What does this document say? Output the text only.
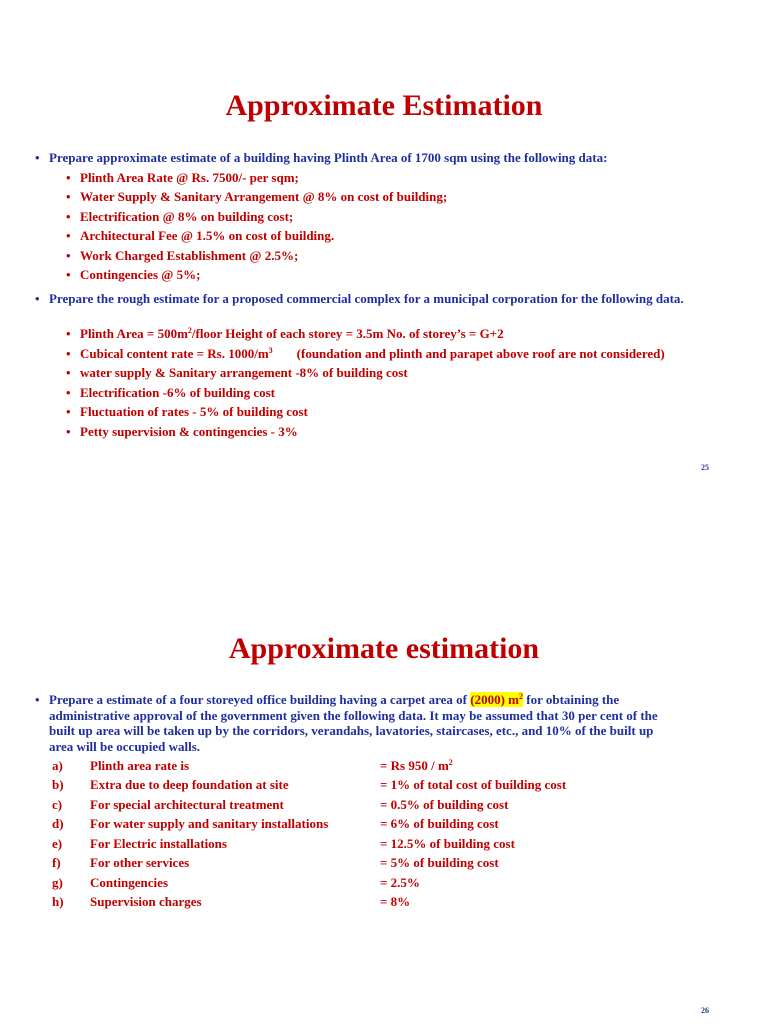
Approximate Estimation
• Prepare approximate estimate of a building having Plinth Area of 1700 sqm using the following data:
• Plinth Area Rate @ Rs. 7500/- per sqm;
• Water Supply & Sanitary Arrangement @ 8% on cost of building;
• Electrification @ 8% on building cost;
• Architectural Fee @ 1.5% on cost of building.
• Work Charged Establishment @ 2.5%;
• Contingencies @ 5%;
• Prepare the rough estimate for a proposed commercial complex for a municipal corporation for the following data.
• Plinth Area = $500m^2$/floor Height of each storey = 3.5m No. of storey’s = G+2
• Cubical content rate = Rs. $1000/m^3$ (foundation and plinth and parapet above roof are not considered)
• water supply & Sanitary arrangement -8% of building cost
• Electrification -6% of building cost
• Fluctuation of rates - 5% of building cost
• Petty supervision & contingencies - 3%
25
Approximate estimation
• Prepare a estimate of a four storeyed office building having a carpet area of (2000) $m^2$ for obtaining the
administrative approval of the government given the following data. It may be assumed that 30 per cent of the
built up area will be taken up by the corridors, verandahs, lavatories, staircases, etc., and 10% of the built up
area will be occupied walls.
a) Plinth area rate is	= Rs $950 / m^2$
b) Extra due to deep foundation at site	= 1% of total cost of building cost
c) For special architectural treatment	= 0.5% of building cost
d) For water supply and sanitary installations	= 6% of building cost
e) For Electric installations	= 12.5% of building cost
f) For other services	= 5% of building cost
g) Contingencies	= 2.5%
h) Supervision charges	= 8%
26
